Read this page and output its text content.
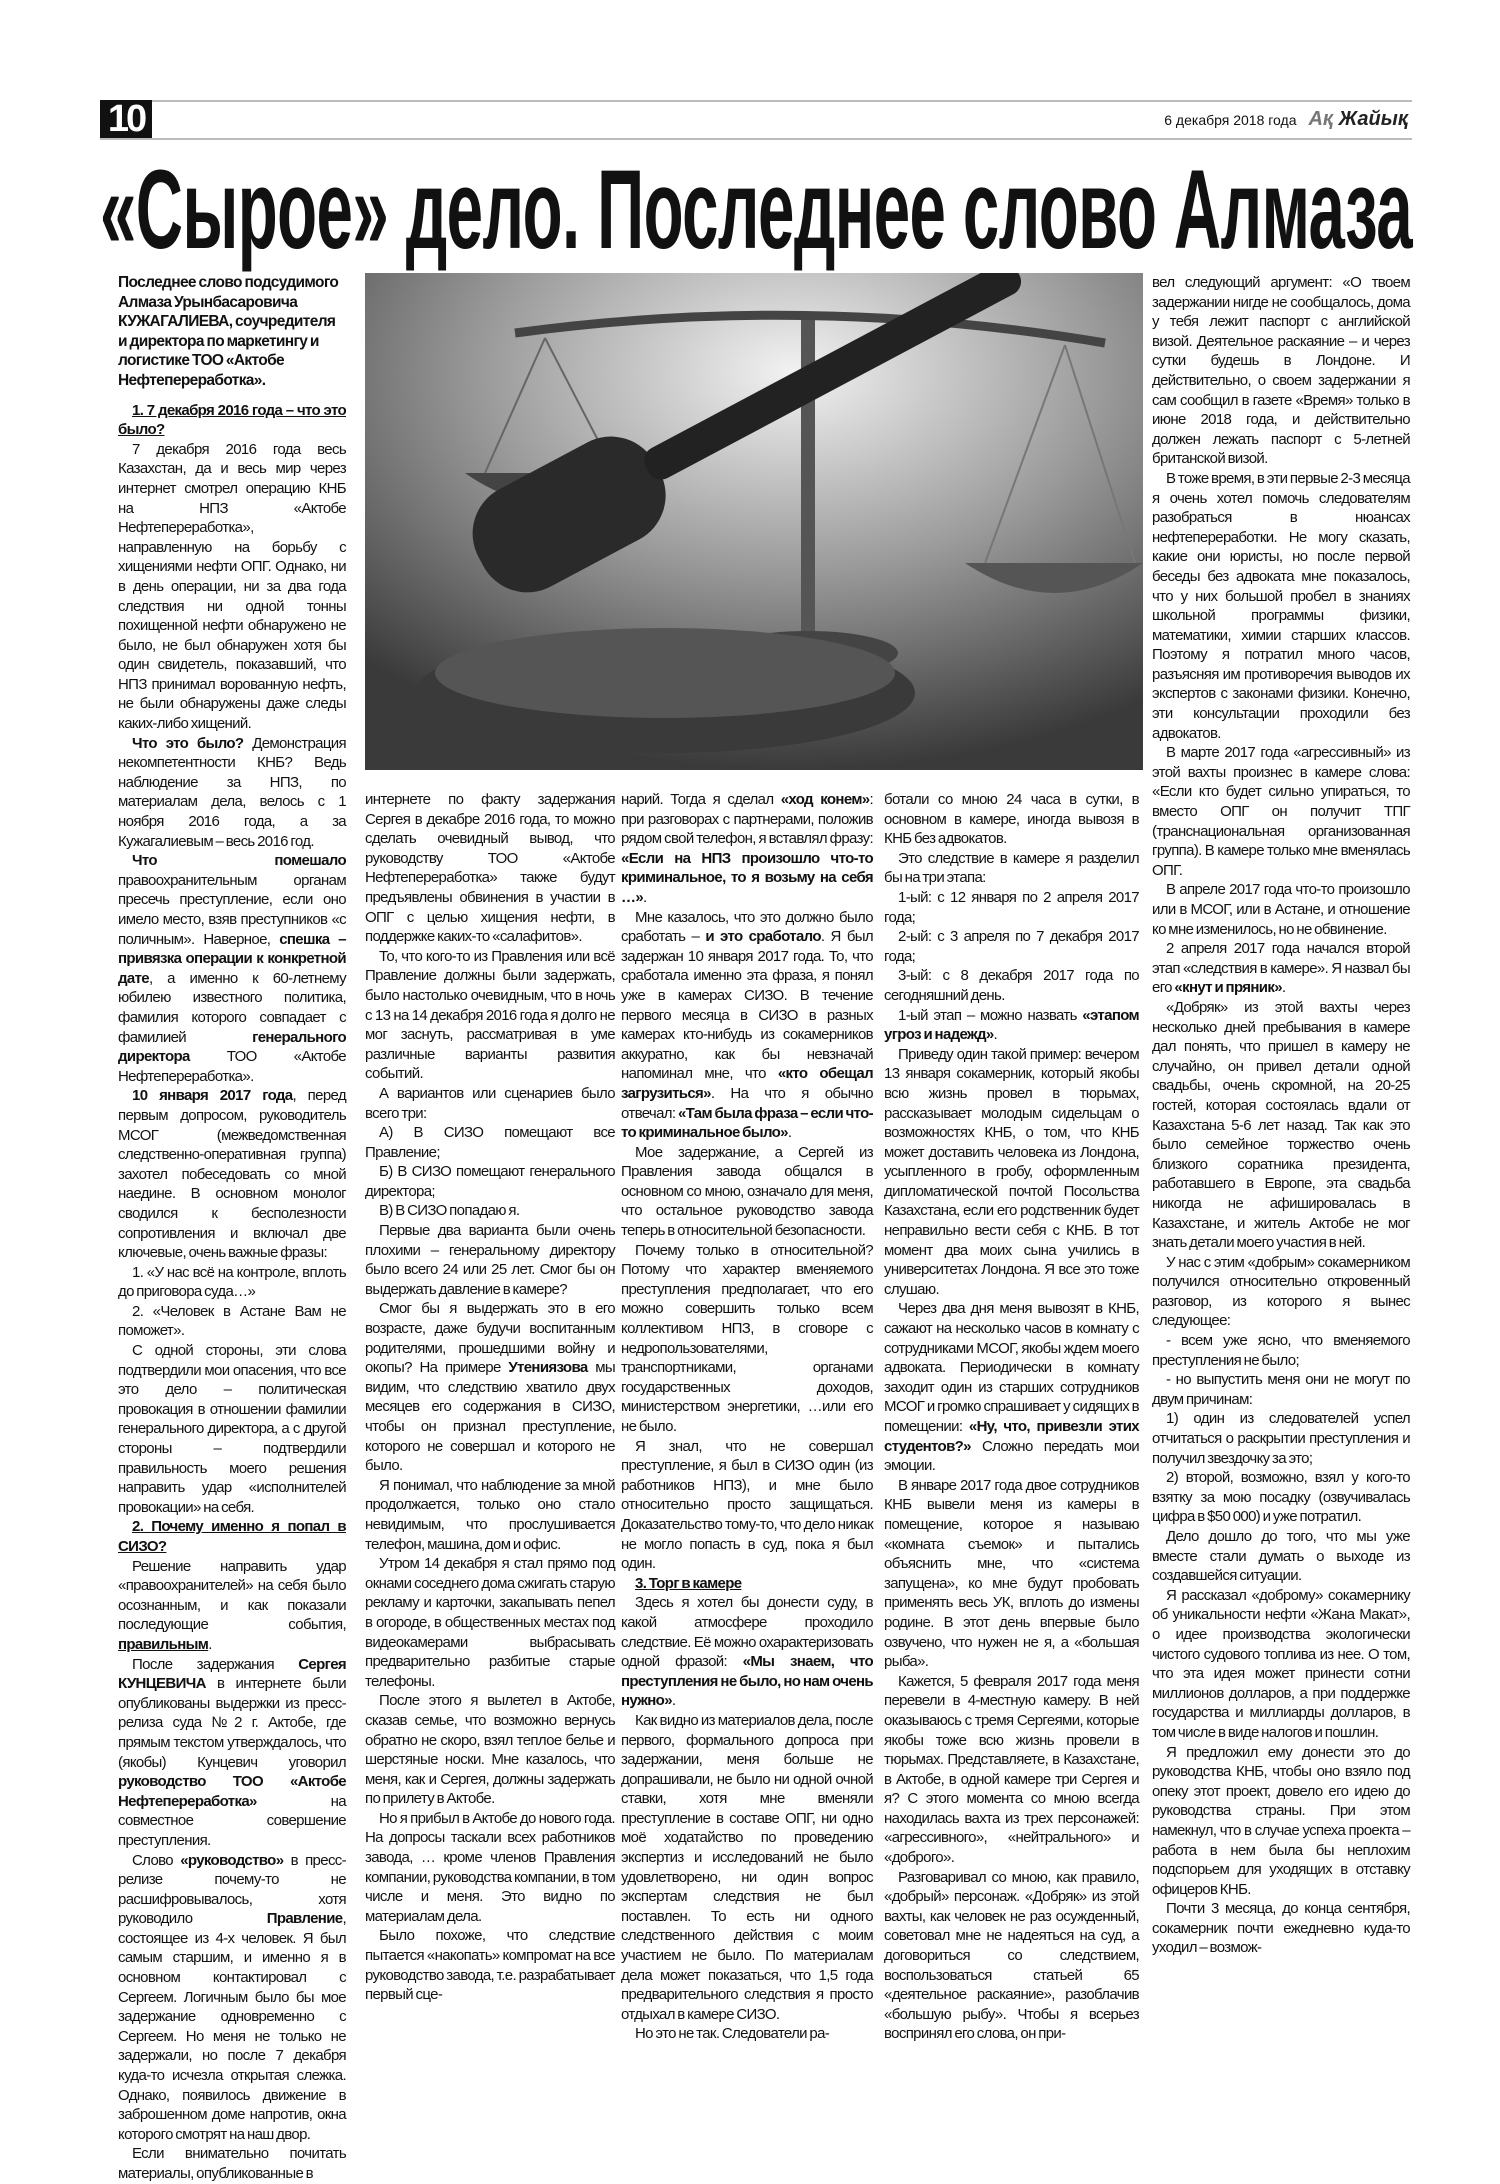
10	6 декабря 2018 года Ақ Жайық
«Сырое» дело. Последнее слово Алмаза

Последнее слово подсудимого Алмаза Урынбасаровича КУЖАГАЛИЕВА, соучредителя и директора по маркетингу и логистике ТОО «Актобе Нефтепереработка».

1. 7 декабря 2016 года – что это было?

7 декабря 2016 года весь Казахстан, да и весь мир через интернет смотрел операцию КНБ на НПЗ «Актобе Нефтепереработка», направленную на борьбу с хищениями нефти ОПГ. Однако, ни в день операции, ни за два года следствия ни одной тонны похищенной нефти обнаружено не было, не был обнаружен хотя бы один свидетель, показавший, что НПЗ принимал ворованную нефть, не были обнаружены даже следы каких-либо хищений.

Что это было? Демонстрация некомпетентности КНБ? Ведь наблюдение за НПЗ, по материалам дела, велось с 1 ноября 2016 года, а за Кужагалиевым – весь 2016 год.

Что помешало правоохранительным органам пресечь преступление, если оно имело место, взяв преступников «с поличным». Наверное, спешка – привязка операции к конкретной дате, а именно к 60-летнему юбилею известного политика, фамилия которого совпадает с фамилией генерального директора ТОО «Актобе Нефтепереработка».

10 января 2017 года, перед первым допросом, руководитель МСОГ (межведомственная следственно-оперативная группа) захотел побеседовать со мной наедине. В основном монолог сводился к бесполезности сопротивления и включал две ключевые, очень важные фразы:

1. «У нас всё на контроле, вплоть до приговора суда…»

2. «Человек в Астане Вам не поможет».

С одной стороны, эти слова подтвердили мои опасения, что все это дело – политическая провокация в отношении фамилии генерального директора, а с другой стороны – подтвердили правильность моего решения направить удар «исполнителей провокации» на себя.

2. Почему именно я попал в СИЗО?

Решение направить удар «правоохранителей» на себя было осознанным, и как показали последующие события, правильным.

После задержания Сергея КУНЦЕВИЧА в интернете были опубликованы выдержки из пресс-релиза суда №2 г. Актобе, где прямым текстом утверждалось, что (якобы) Кунцевич уговорил руководство ТОО «Актобе Нефтепереработка» на совместное совершение преступления.

Слово «руководство» в пресс-релизе почему-то не расшифровывалось, хотя руководило Правление, состоящее из 4-х человек. Я был самым старшим, и именно я в основном контактировал с Сергеем. Логичным было бы мое задержание одновременно с Сергеем. Но меня не только не задержали, но после 7 декабря куда-то исчезла открытая слежка. Однако, появилось движение в заброшенном доме напротив, окна которого смотрят на наш двор.

Если внимательно почитать материалы, опубликованные в

интернете по факту задержания Сергея в декабре 2016 года, то можно сделать очевидный вывод, что руководству ТОО «Актобе Нефтепереработка» также будут предъявлены обвинения в участии в ОПГ с целью хищения нефти, в поддержке каких-то «салафитов».

То, что кого-то из Правления или всё Правление должны были задержать, было настолько очевидным, что в ночь с 13 на 14 декабря 2016 года я долго не мог заснуть, рассматривая в уме различные варианты развития событий.

А вариантов или сценариев было всего три:

А) В СИЗО помещают все Правление;

Б) В СИЗО помещают генерального директора;

В) В СИЗО попадаю я.

Первые два варианта были очень плохими – генеральному директору было всего 24 или 25 лет. Смог бы он выдержать давление в камере?

Смог бы я выдержать это в его возрасте, даже будучи воспитанным родителями, прошедшими войну и окопы? На примере Утениязова мы видим, что следствию хватило двух месяцев его содержания в СИЗО, чтобы он признал преступление, которого не совершал и которого не было.

Я понимал, что наблюдение за мной продолжается, только оно стало невидимым, что прослушивается телефон, машина, дом и офис.

Утром 14 декабря я стал прямо под окнами соседнего дома сжигать старую рекламу и карточки, закапывать пепел в огороде, в общественных местах под видеокамерами выбрасывать предварительно разбитые старые телефоны.

После этого я вылетел в Актобе, сказав семье, что возможно вернусь обратно не скоро, взял теплое белье и шерстяные носки. Мне казалось, что меня, как и Сергея, должны задержать по прилету в Актобе.

Но я прибыл в Актобе до нового года. На допросы таскали всех работников завода, … кроме членов Правления компании, руководства компании, в том числе и меня. Это видно по материалам дела.

Было похоже, что следствие пытается «накопать» компромат на все руководство завода, т.е. разрабатывает первый сце-

нарий. Тогда я сделал «ход конем»: при разговорах с партнерами, положив рядом свой телефон, я вставлял фразу: «Если на НПЗ произошло что-то криминальное, то я возьму на себя …».

Мне казалось, что это должно было сработать – и это сработало. Я был задержан 10 января 2017 года. То, что сработала именно эта фраза, я понял уже в камерах СИЗО. В течение первого месяца в СИЗО в разных камерах кто-нибудь из сокамерников аккуратно, как бы невзначай напоминал мне, что «кто обещал загрузиться». На что я обычно отвечал: «Там была фраза – если что-то криминальное было».

Мое задержание, а Сергей из Правления завода общался в основном со мною, означало для меня, что остальное руководство завода теперь в относительной безопасности.

Почему только в относительной? Потому что характер вменяемого преступления предполагает, что его можно совершить только всем коллективом НПЗ, в сговоре с недропользователями, транспортниками, органами государственных доходов, министерством энергетики, …или его не было.

Я знал, что не совершал преступление, я был в СИЗО один (из работников НПЗ), и мне было относительно просто защищаться. Доказательство тому-то, что дело никак не могло попасть в суд, пока я был один.

3. Торг в камере

Здесь я хотел бы донести суду, в какой атмосфере проходило следствие. Её можно охарактеризовать одной фразой: «Мы знаем, что преступления не было, но нам очень нужно».

Как видно из материалов дела, после первого, формального допроса при задержании, меня больше не допрашивали, не было ни одной очной ставки, хотя мне вменяли преступление в составе ОПГ, ни одно моё ходатайство по проведению экспертиз и исследований не было удовлетворено, ни один вопрос экспертам следствия не был поставлен. То есть ни одного следственного действия с моим участием не было. По материалам дела может показаться, что 1,5 года предварительного следствия я просто отдыхал в камере СИЗО.

Но это не так. Следователи ра-

ботали со мною 24 часа в сутки, в основном в камере, иногда вывозя в КНБ без адвокатов.

Это следствие в камере я разделил бы на три этапа:

1-ый: с 12 января по 2 апреля 2017 года;

2-ый: с 3 апреля по 7 декабря 2017 года;

3-ый: с 8 декабря 2017 года по сегодняшний день.

1-ый этап – можно назвать «этапом угроз и надежд».

Приведу один такой пример: вечером 13 января сокамерник, который якобы всю жизнь провел в тюрьмах, рассказывает молодым сидельцам о возможностях КНБ, о том, что КНБ может доставить человека из Лондона, усыпленного в гробу, оформленным дипломатической почтой Посольства Казахстана, если его родственник будет неправильно вести себя с КНБ. В тот момент два моих сына учились в университетах Лондона. Я все это тоже слушаю.

Через два дня меня вывозят в КНБ, сажают на несколько часов в комнату с сотрудниками МСОГ, якобы ждем моего адвоката. Периодически в комнату заходит один из старших сотрудников МСОГ и громко спрашивает у сидящих в помещении: «Ну, что, привезли этих студентов?» Сложно передать мои эмоции.

В январе 2017 года двое сотрудников КНБ вывели меня из камеры в помещение, которое я называю «комната съемок» и пытались объяснить мне, что «система запущена», ко мне будут пробовать применять весь УК, вплоть до измены родине. В этот день впервые было озвучено, что нужен не я, а «большая рыба».

Кажется, 5 февраля 2017 года меня перевели в 4-местную камеру. В ней оказываюсь с тремя Сергеями, которые якобы тоже всю жизнь провели в тюрьмах. Представляете, в Казахстане, в Актобе, в одной камере три Сергея и я? С этого момента со мною всегда находилась вахта из трех персонажей: «агрессивного», «нейтрального» и «доброго».

Разговаривал со мною, как правило, «добрый» персонаж. «Добряк» из этой вахты, как человек не раз осужденный, советовал мне не надеяться на суд, а договориться со следствием, воспользоваться статьей 65 «деятельное раскаяние», разоблачив «большую рыбу». Чтобы я всерьез воспринял его слова, он при-

вел следующий аргумент: «О твоем задержании нигде не сообщалось, дома у тебя лежит паспорт с английской визой. Деятельное раскаяние – и через сутки будешь в Лондоне. И действительно, о своем задержании я сам сообщил в газете «Время» только в июне 2018 года, и действительно должен лежать паспорт с 5-летней британской визой.

В тоже время, в эти первые 2-3 месяца я очень хотел помочь следователям разобраться в нюансах нефтепереработки. Не могу сказать, какие они юристы, но после первой беседы без адвоката мне показалось, что у них большой пробел в знаниях школьной программы физики, математики, химии старших классов. Поэтому я потратил много часов, разъясняя им противоречия выводов их экспертов с законами физики. Конечно, эти консультации проходили без адвокатов.

В марте 2017 года «агрессивный» из этой вахты произнес в камере слова: «Если кто будет сильно упираться, то вместо ОПГ он получит ТПГ (транснациональная организованная группа). В камере только мне вменялась ОПГ.

В апреле 2017 года что-то произошло или в МСОГ, или в Астане, и отношение ко мне изменилось, но не обвинение.

2 апреля 2017 года начался второй этап «следствия в камере». Я назвал бы его «кнут и пряник».

«Добряк» из этой вахты через несколько дней пребывания в камере дал понять, что пришел в камеру не случайно, он привел детали одной свадьбы, очень скромной, на 20-25 гостей, которая состоялась вдали от Казахстана 5-6 лет назад. Так как это было семейное торжество очень близкого соратника президента, работавшего в Европе, эта свадьба никогда не афишировалась в Казахстане, и житель Актобе не мог знать детали моего участия в ней.

У нас с этим «добрым» сокамерником получился относительно откровенный разговор, из которого я вынес следующее:

- всем уже ясно, что вменяемого преступления не было;

- но выпустить меня они не могут по двум причинам:

1) один из следователей успел отчитаться о раскрытии преступления и получил звездочку за это;

2) второй, возможно, взял у кого-то взятку за мою посадку (озвучивалась цифра в $50 000) и уже потратил.

Дело дошло до того, что мы уже вместе стали думать о выходе из создавшейся ситуации.

Я рассказал «доброму» сокамернику об уникальности нефти «Жана Макат», о идее производства экологически чистого судового топлива из нее. О том, что эта идея может принести сотни миллионов долларов, а при поддержке государства и миллиарды долларов, в том числе в виде налогов и пошлин.

Я предложил ему донести это до руководства КНБ, чтобы оно взяло под опеку этот проект, довело его идею до руководства страны. При этом намекнул, что в случае успеха проекта – работа в нем была бы неплохим подспорьем для уходящих в отставку офицеров КНБ.

Почти 3 месяца, до конца сентября, сокамерник почти ежедневно куда-то уходил – возмож-
